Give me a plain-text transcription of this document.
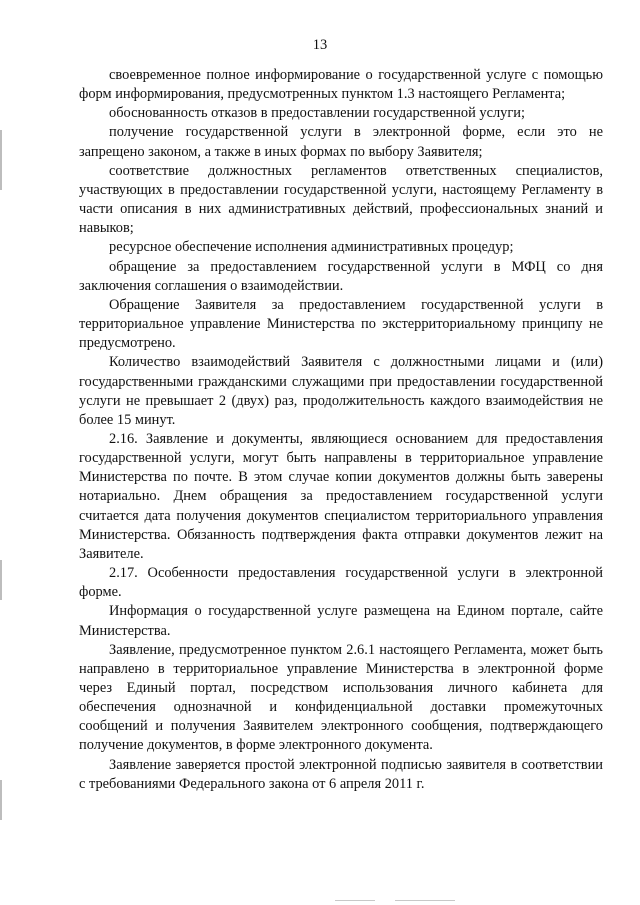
13

своевременное полное информирование о государственной услуге с помощью форм информирования, предусмотренных пунктом 1.3 настоящего Регламента;

обоснованность отказов в предоставлении государственной услуги;

получение государственной услуги в электронной форме, если это не запрещено законом, а также в иных формах по выбору Заявителя;

соответствие должностных регламентов ответственных специалистов, участвующих в предоставлении государственной услуги, настоящему Регламенту в части описания в них административных действий, профессиональных знаний и навыков;

ресурсное обеспечение исполнения административных процедур;

обращение за предоставлением государственной услуги в МФЦ со дня заключения соглашения о взаимодействии.

Обращение Заявителя за предоставлением государственной услуги в территориальное управление Министерства по экстерриториальному принципу не предусмотрено.

Количество взаимодействий Заявителя с должностными лицами и (или) государственными гражданскими служащими при предоставлении государственной услуги не превышает 2 (двух) раз, продолжительность каждого взаимодействия не более 15 минут.

2.16. Заявление и документы, являющиеся основанием для предоставления государственной услуги, могут быть направлены в территориальное управление Министерства по почте. В этом случае копии документов должны быть заверены нотариально. Днем обращения за предоставлением государственной услуги считается дата получения документов специалистом территориального управления Министерства. Обязанность подтверждения факта отправки документов лежит на Заявителе.

2.17. Особенности предоставления государственной услуги в электронной форме.

Информация о государственной услуге размещена на Едином портале, сайте Министерства.

Заявление, предусмотренное пунктом 2.6.1 настоящего Регламента, может быть направлено в территориальное управление Министерства в электронной форме через Единый портал, посредством использования личного кабинета для обеспечения однозначной и конфиденциальной доставки промежуточных сообщений и получения Заявителем электронного сообщения, подтверждающего получение документов, в форме электронного документа.

Заявление заверяется простой электронной подписью заявителя в соответствии с требованиями Федерального закона от 6 апреля 2011 г.
